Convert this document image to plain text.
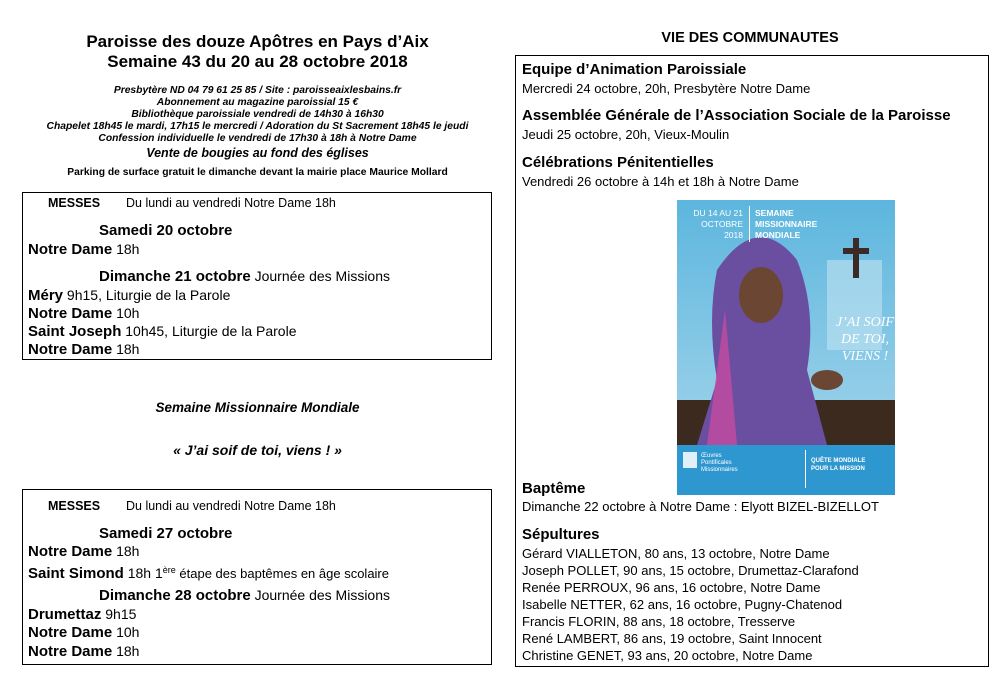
Paroisse des douze Apôtres en Pays d’Aix
Semaine 43 du 20 au 28 octobre 2018
Presbytère ND 04 79 61 25 85 / Site : paroisseaixlesbains.fr
Abonnement au magazine paroissial 15 €
Bibliothèque paroissiale vendredi de 14h30 à 16h30
Chapelet 18h45 le mardi, 17h15 le mercredi / Adoration du St Sacrement 18h45 le jeudi
Confession individuelle le vendredi de 17h30 à 18h à Notre Dame
Vente de bougies au fond des églises
Parking de surface gratuit le dimanche devant la mairie place Maurice Mollard
MESSES Du lundi au vendredi Notre Dame 18h
Samedi 20 octobre
Notre Dame 18h
Dimanche 21 octobre Journée des Missions
Méry 9h15, Liturgie de la Parole
Notre Dame 10h
Saint Joseph 10h45, Liturgie de la Parole
Notre Dame 18h
Semaine Missionnaire Mondiale
« J’ai soif de toi, viens ! »
MESSES Du lundi au vendredi Notre Dame 18h
Samedi 27 octobre
Notre Dame 18h
Saint Simond 18h 1ère étape des baptêmes en âge scolaire
Dimanche 28 octobre Journée des Missions
Drumettaz 9h15
Notre Dame 10h
Notre Dame 18h
VIE DES COMMUNAUTES
Equipe d’Animation Paroissiale
Mercredi 24 octobre, 20h, Presbytère Notre Dame
Assemblée Générale de l’Association Sociale de la Paroisse
Jeudi 25 octobre, 20h, Vieux-Moulin
Célébrations Pénitentielles
Vendredi 26 octobre à 14h et 18h à Notre Dame
Baptême
Dimanche 22 octobre à Notre Dame : Elyott BIZEL-BIZELLOT
Sépultures
Gérard VIALLETON, 80 ans, 13 octobre, Notre Dame
Joseph POLLET, 90 ans, 15 octobre, Drumettaz-Clarafond
Renée PERROUX, 96 ans, 16 octobre, Notre Dame
Isabelle NETTER, 62 ans, 16 octobre, Pugny-Chatenod
Francis FLORIN, 88 ans, 18 octobre, Tresserve
René LAMBERT, 86 ans, 19 octobre, Saint Innocent
Christine GENET, 93 ans, 20 octobre, Notre Dame
DU 14 AU 21
OCTOBRE
2018
SEMAINE
MISSIONNAIRE
MONDIALE
J’AI SOIF
DE TOI,
VIENS !
Œuvres
Pontificales
Missionnaires
QUÊTE MONDIALE
POUR LA MISSION
